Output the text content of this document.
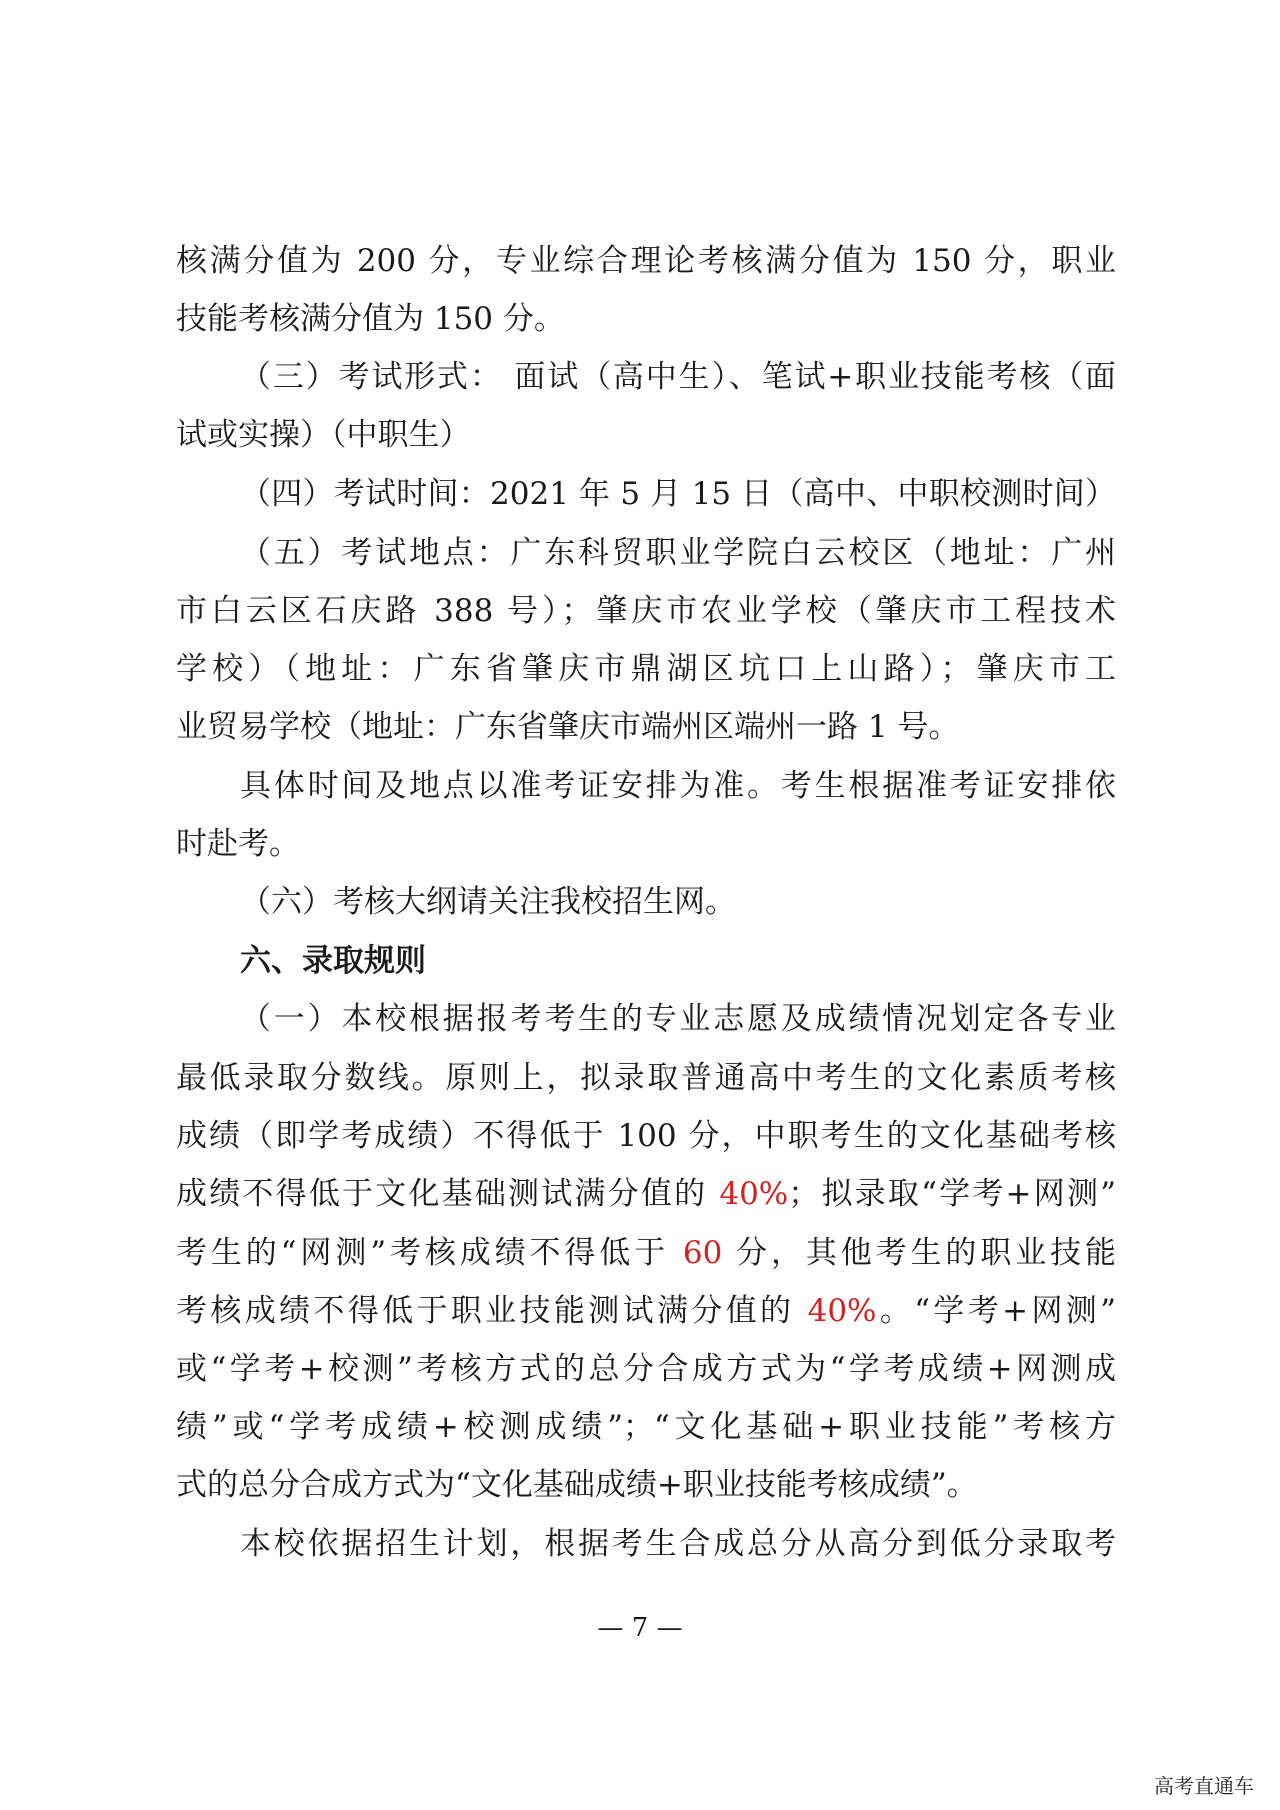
核满分值为 200 分，专业综合理论考核满分值为 150 分，职业
技能考核满分值为 150 分。
（三）考试形式： 面试（高中生）、笔试+职业技能考核（面
试或实操）（中职生）
（四）考试时间：2021 年 5 月 15 日（高中、中职校测时间）
（五）考试地点：广东科贸职业学院白云校区（地址：广州
市白云区石庆路 388 号）；肇庆市农业学校（肇庆市工程技术
学校）（地址：广东省肇庆市鼎湖区坑口上山路）；肇庆市工
业贸易学校（地址：广东省肇庆市端州区端州一路 1 号。
具体时间及地点以准考证安排为准。考生根据准考证安排依
时赴考。
（六）考核大纲请关注我校招生网。
六、录取规则
（一）本校根据报考考生的专业志愿及成绩情况划定各专业
最低录取分数线。原则上，拟录取普通高中考生的文化素质考核
成绩（即学考成绩）不得低于 100 分，中职考生的文化基础考核
成绩不得低于文化基础测试满分值的 40%；拟录取“学考+网测”
考生的“网测”考核成绩不得低于 60 分，其他考生的职业技能
考核成绩不得低于职业技能测试满分值的 40%。“学考+网测”
或“学考+校测”考核方式的总分合成方式为“学考成绩+网测成
绩”或“学考成绩+校测成绩”；“文化基础+职业技能”考核方
式的总分合成方式为“文化基础成绩+职业技能考核成绩”。
本校依据招生计划，根据考生合成总分从高分到低分录取考
— 7 —
高考直通车
